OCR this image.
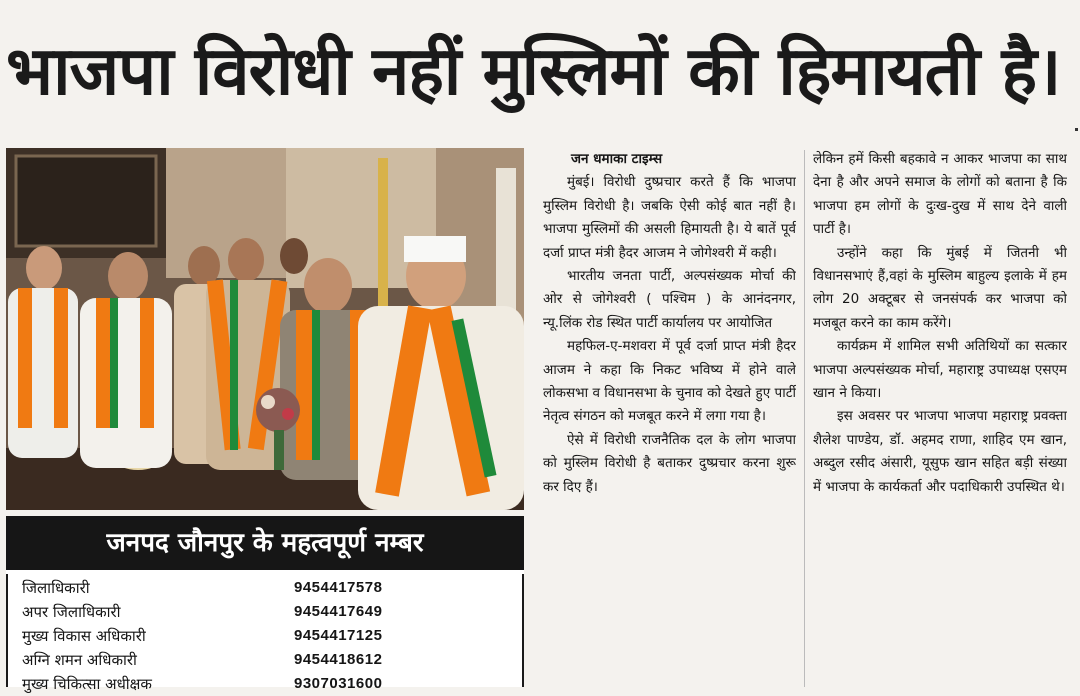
भाजपा विरोधी नहीं मुस्लिमों की हिमायती है।
जनपद जौनपुर के महत्वपूर्ण नम्बर
जिलाधिकारी	9454417578
अपर जिलाधिकारी	9454417649
मुख्य विकास अधिकारी	9454417125
अग्नि शमन अधिकारी	9454418612
मुख्य चिकित्सा अधीक्षक	9307031600

जन धमाका टाइम्स

मुंबई। विरोधी दुष्प्रचार करते हैं कि भाजपा मुस्लिम विरोधी है। जबकि ऐसी कोई बात नहीं है। भाजपा मुस्लिमों की असली हिमायती है। ये बातें पूर्व दर्जा प्राप्त मंत्री हैदर आजम ने जोगेश्वरी में कही।

भारतीय जनता पार्टी, अल्पसंख्यक मोर्चा की ओर से जोगेश्वरी ( पश्चिम ) के आनंदनगर, न्यू.लिंक रोड स्थित पार्टी कार्यालय पर आयोजित

महफिल-ए-मशवरा में पूर्व दर्जा प्राप्त मंत्री हैदर आजम ने कहा कि निकट भविष्य में होने वाले लोकसभा व विधानसभा के चुनाव को देखते हुए पार्टी नेतृत्व संगठन को मजबूत करने में लगा गया है।

ऐसे में विरोधी राजनैतिक दल के लोग भाजपा को मुस्लिम विरोधी है बताकर दुष्प्रचार करना शुरू कर दिए हैं।

लेकिन हमें किसी बहकावे न आकर भाजपा का साथ देना है और अपने समाज के लोगों को बताना है कि भाजपा हम लोगों के दुःख-दुख में साथ देने वाली पार्टी है।

उन्होंने कहा कि मुंबई में जितनी भी विधानसभाएं हैं,वहां के मुस्लिम बाहुल्य इलाके में हम लोग 20 अक्टूबर से जनसंपर्क कर भाजपा को मजबूत करने का काम करेंगे।

कार्यक्रम में शामिल सभी अतिथियों का सत्कार भाजपा अल्पसंख्यक मोर्चा, महाराष्ट्र उपाध्यक्ष एसएम खान ने किया।

इस अवसर पर भाजपा भाजपा महाराष्ट्र प्रवक्ता शैलेश पाण्डेय, डॉ. अहमद राणा, शाहिद एम खान, अब्दुल रसीद अंसारी, यूसुफ खान सहित बड़ी संख्या में भाजपा के कार्यकर्ता और पदाधिकारी उपस्थित थे।
